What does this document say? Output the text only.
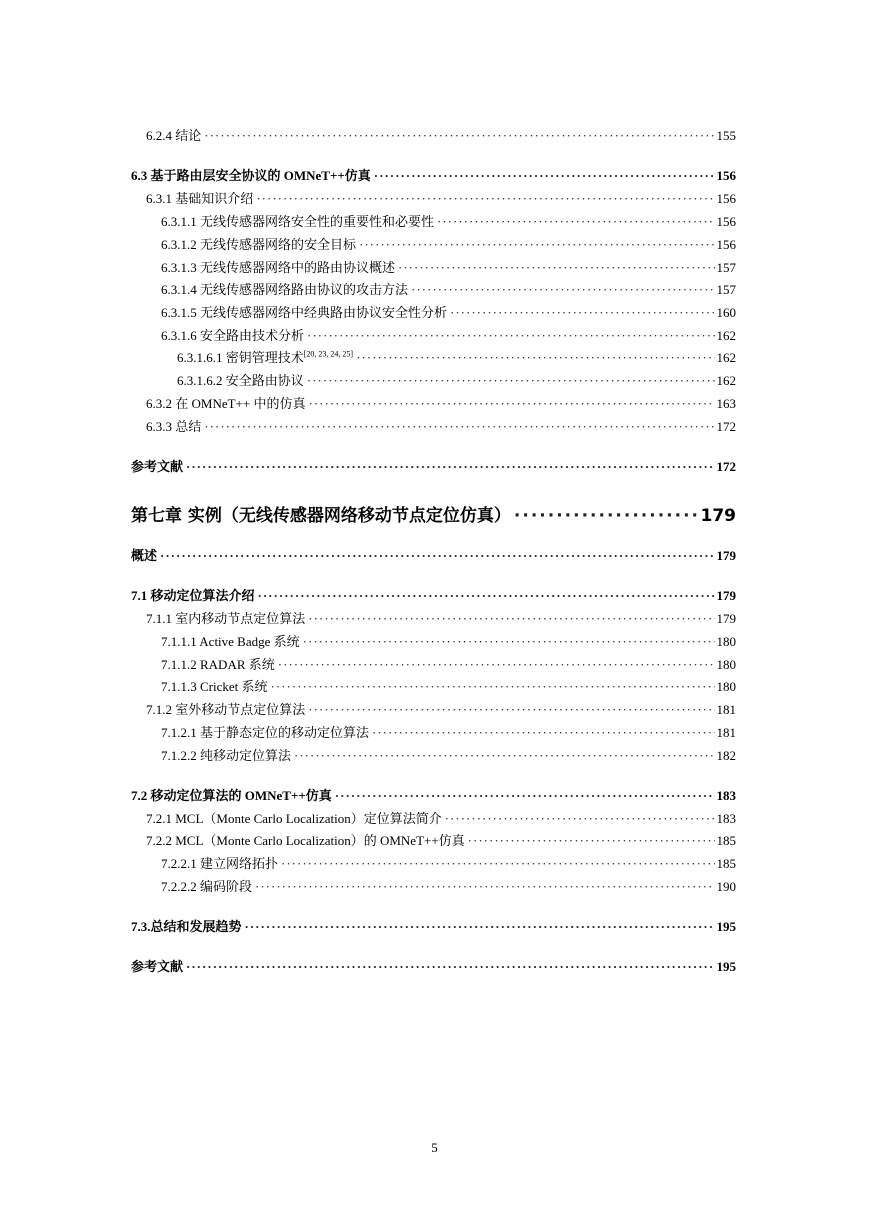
6.2.4 结论 ·····	155
6.3 基于路由层安全协议的 OMNeT++仿真 ·····	156
6.3.1 基础知识介绍 ·····	156
6.3.1.1 无线传感器网络安全性的重要性和必要性 ·····	156
6.3.1.2 无线传感器网络的安全目标 ·····	156
6.3.1.3 无线传感器网络中的路由协议概述 ·····	157
6.3.1.4 无线传感器网络路由协议的攻击方法 ·····	157
6.3.1.5 无线传感器网络中经典路由协议安全性分析 ·····	160
6.3.1.6 安全路由技术分析 ·····	162
6.3.1.6.1 密钥管理技术[20, 23, 24, 25] ·····	162
6.3.1.6.2 安全路由协议 ·····	162
6.3.2 在 OMNeT++ 中的仿真 ·····	163
6.3.3 总结 ·····	172
参考文献 ·····	172
第七章 实例（无线传感器网络移动节点定位仿真） ·····	179
概述 ·····	179
7.1 移动定位算法介绍 ·····	179
7.1.1 室内移动节点定位算法 ·····	179
7.1.1.1 Active Badge 系统 ·····	180
7.1.1.2 RADAR 系统 ·····	180
7.1.1.3 Cricket 系统 ·····	180
7.1.2 室外移动节点定位算法 ·····	181
7.1.2.1 基于静态定位的移动定位算法 ·····	181
7.1.2.2 纯移动定位算法 ·····	182
7.2 移动定位算法的 OMNeT++仿真 ·····	183
7.2.1 MCL（Monte Carlo Localization）定位算法简介 ·····	183
7.2.2 MCL（Monte Carlo Localization）的 OMNeT++仿真 ·····	185
7.2.2.1 建立网络拓扑 ·····	185
7.2.2.2 编码阶段 ·····	190
7.3.总结和发展趋势 ·····	195
参考文献 ·····	195
5
